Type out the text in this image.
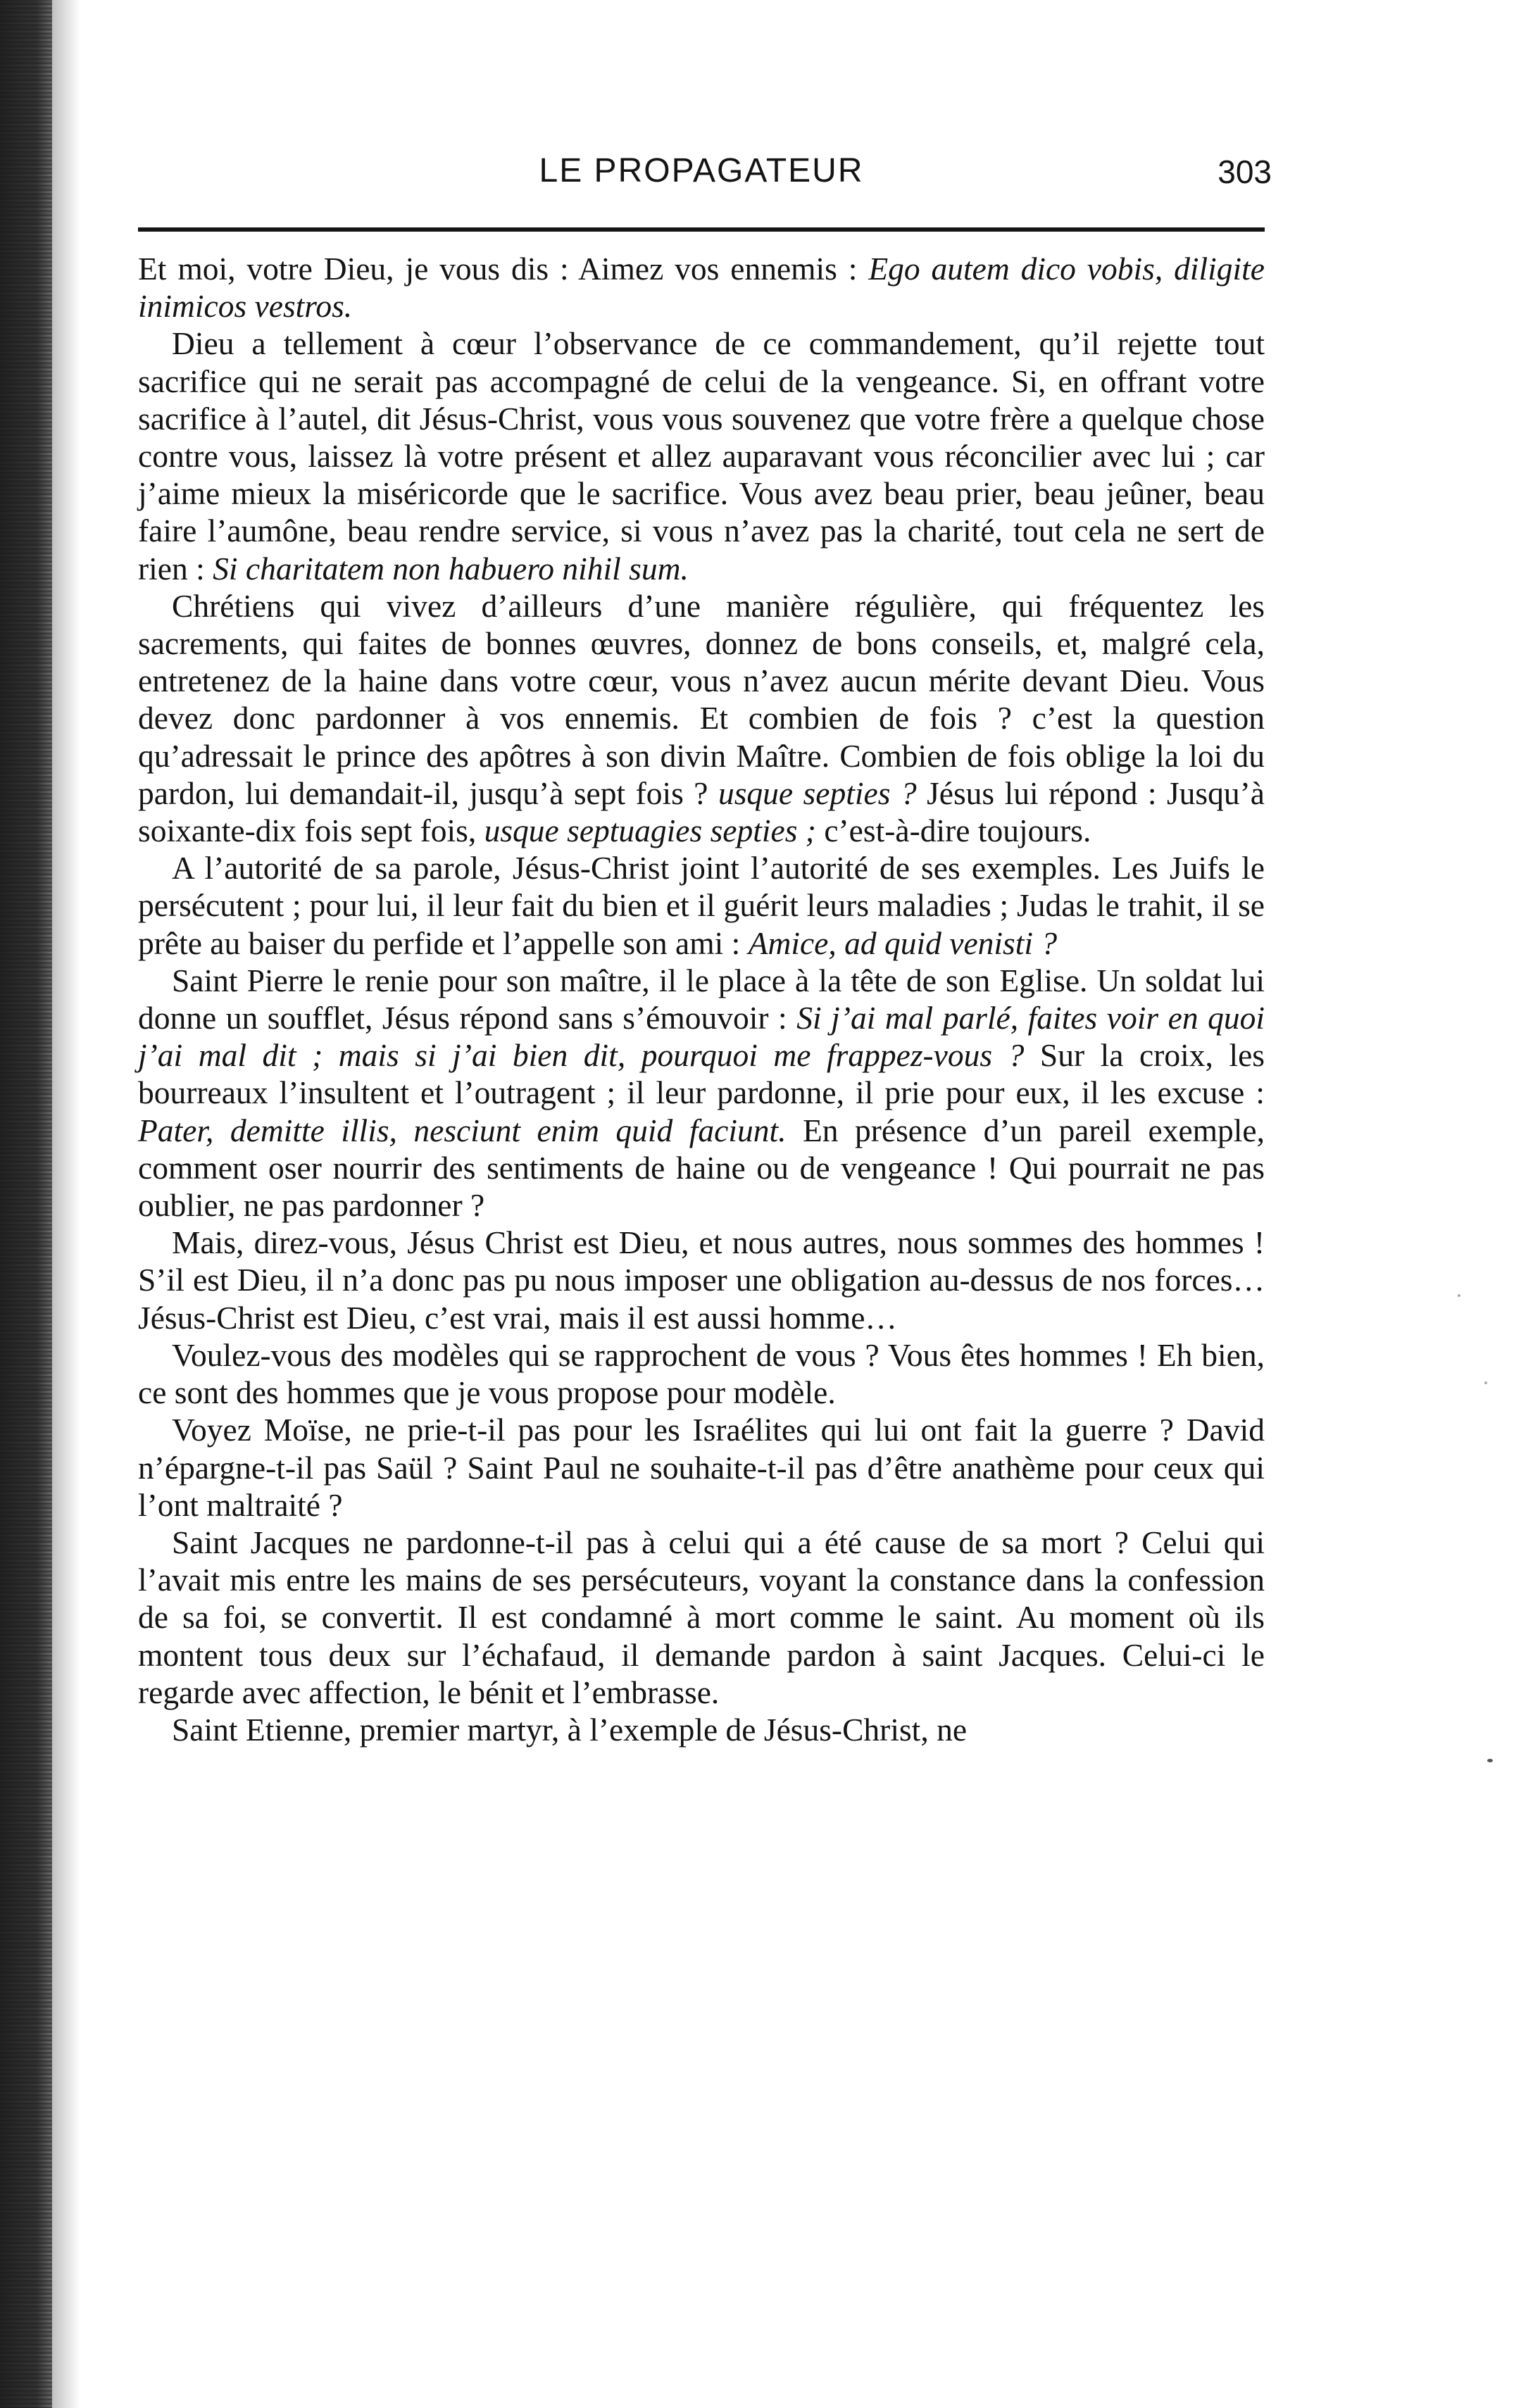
LE PROPAGATEUR	303

Et moi, votre Dieu, je vous dis : Aimez vos ennemis : Ego autem dico vobis, diligite inimicos vestros.

Dieu a tellement à cœur l’observance de ce commandement, qu’il rejette tout sacrifice qui ne serait pas accompagné de celui de la vengeance. Si, en offrant votre sacrifice à l’autel, dit Jésus-Christ, vous vous souvenez que votre frère a quelque chose contre vous, laissez là votre présent et allez auparavant vous réconcilier avec lui ; car j’aime mieux la miséricorde que le sacrifice. Vous avez beau prier, beau jeûner, beau faire l’aumône, beau rendre service, si vous n’avez pas la charité, tout cela ne sert de rien : Si charitatem non habuero nihil sum.

Chrétiens qui vivez d’ailleurs d’une manière régulière, qui fréquentez les sacrements, qui faites de bonnes œuvres, donnez de bons conseils, et, malgré cela, entretenez de la haine dans votre cœur, vous n’avez aucun mérite devant Dieu. Vous devez donc pardonner à vos ennemis. Et combien de fois ? c’est la question qu’adressait le prince des apôtres à son divin Maître. Combien de fois oblige la loi du pardon, lui demandait-il, jusqu’à sept fois ? usque septies ? Jésus lui répond : Jusqu’à soixante-dix fois sept fois, usque septuagies septies ; c’est-à-dire toujours.

A l’autorité de sa parole, Jésus-Christ joint l’autorité de ses exemples. Les Juifs le persécutent ; pour lui, il leur fait du bien et il guérit leurs maladies ; Judas le trahit, il se prête au baiser du perfide et l’appelle son ami : Amice, ad quid venisti ?

Saint Pierre le renie pour son maître, il le place à la tête de son Eglise. Un soldat lui donne un soufflet, Jésus répond sans s’émouvoir : Si j’ai mal parlé, faites voir en quoi j’ai mal dit ; mais si j’ai bien dit, pourquoi me frappez-vous ? Sur la croix, les bourreaux l’insultent et l’outragent ; il leur pardonne, il prie pour eux, il les excuse : Pater, demitte illis, nesciunt enim quid faciunt. En présence d’un pareil exemple, comment oser nourrir des sentiments de haine ou de vengeance ! Qui pourrait ne pas oublier, ne pas pardonner ?

Mais, direz-vous, Jésus Christ est Dieu, et nous autres, nous sommes des hommes ! S’il est Dieu, il n’a donc pas pu nous imposer une obligation au-dessus de nos forces… Jésus-Christ est Dieu, c’est vrai, mais il est aussi homme…

Voulez-vous des modèles qui se rapprochent de vous ? Vous êtes hommes ! Eh bien, ce sont des hommes que je vous propose pour modèle.

Voyez Moïse, ne prie-t-il pas pour les Israélites qui lui ont fait la guerre ? David n’épargne-t-il pas Saül ? Saint Paul ne souhaite-t-il pas d’être anathème pour ceux qui l’ont maltraité ?

Saint Jacques ne pardonne-t-il pas à celui qui a été cause de sa mort ? Celui qui l’avait mis entre les mains de ses persécuteurs, voyant la constance dans la confession de sa foi, se convertit. Il est condamné à mort comme le saint. Au moment où ils montent tous deux sur l’échafaud, il demande pardon à saint Jacques. Celui-ci le regarde avec affection, le bénit et l’embrasse.

Saint Etienne, premier martyr, à l’exemple de Jésus-Christ, ne
